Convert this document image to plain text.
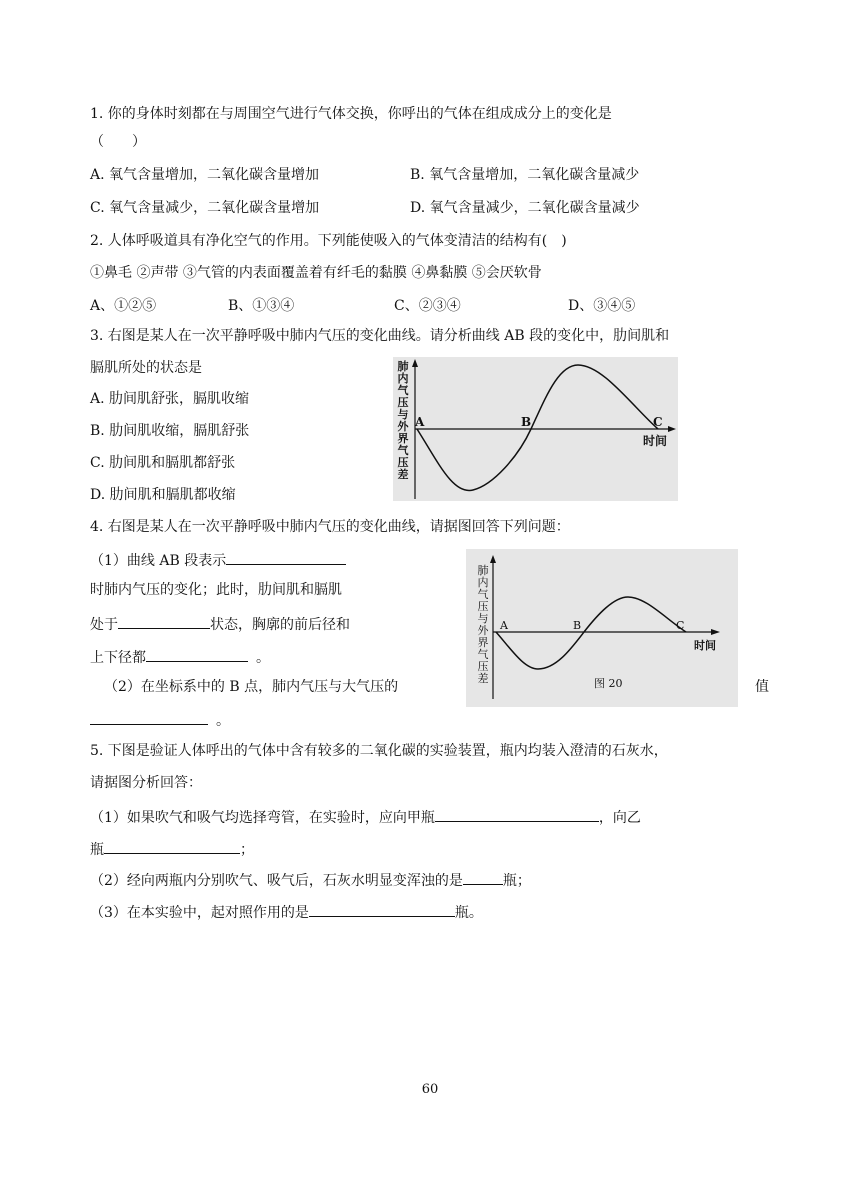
1. 你的身体时刻都在与周围空气进行气体交换，你呼出的气体在组成成分上的变化是
（　　）
A. 氧气含量增加，二氧化碳含量增加	B. 氧气含量增加，二氧化碳含量减少
C. 氧气含量减少，二氧化碳含量增加	D. 氧气含量减少，二氧化碳含量减少
2. 人体呼吸道具有净化空气的作用。下列能使吸入的气体变清洁的结构有(　)
①鼻毛 ②声带 ③气管的内表面覆盖着有纤毛的黏膜 ④鼻黏膜 ⑤会厌软骨
A、①②⑤	B、①③④	C、②③④	D、③④⑤
3. 右图是某人在一次平静呼吸中肺内气压的变化曲线。请分析曲线 AB 段的变化中，肋间肌和
膈肌所处的状态是
A. 肋间肌舒张，膈肌收缩
B. 肋间肌收缩，膈肌舒张
C. 肋间肌和膈肌都舒张
D. 肋间肌和膈肌都收缩
肺内气压与外界气压差
A	B	C
时间
4. 右图是某人在一次平静呼吸中肺内气压的变化曲线，请据图回答下列问题：
（1）曲线 AB 段表示
时肺内气压的变化；此时，肋间肌和膈肌
处于	状态，胸廓的前后径和
上下径都	。
（2）在坐标系中的 B 点，肺内气压与大气压的	值
。
肺内气压与外界气压差
A	B	C
时间
图 20
5. 下图是验证人体呼出的气体中含有较多的二氧化碳的实验装置，瓶内均装入澄清的石灰水，
请据图分析回答：
（1）如果吹气和吸气均选择弯管，在实验时，应向甲瓶	，向乙
瓶	；
（2）经向两瓶内分别吹气、吸气后，石灰水明显变浑浊的是	瓶；
（3）在本实验中，起对照作用的是	瓶。
60
